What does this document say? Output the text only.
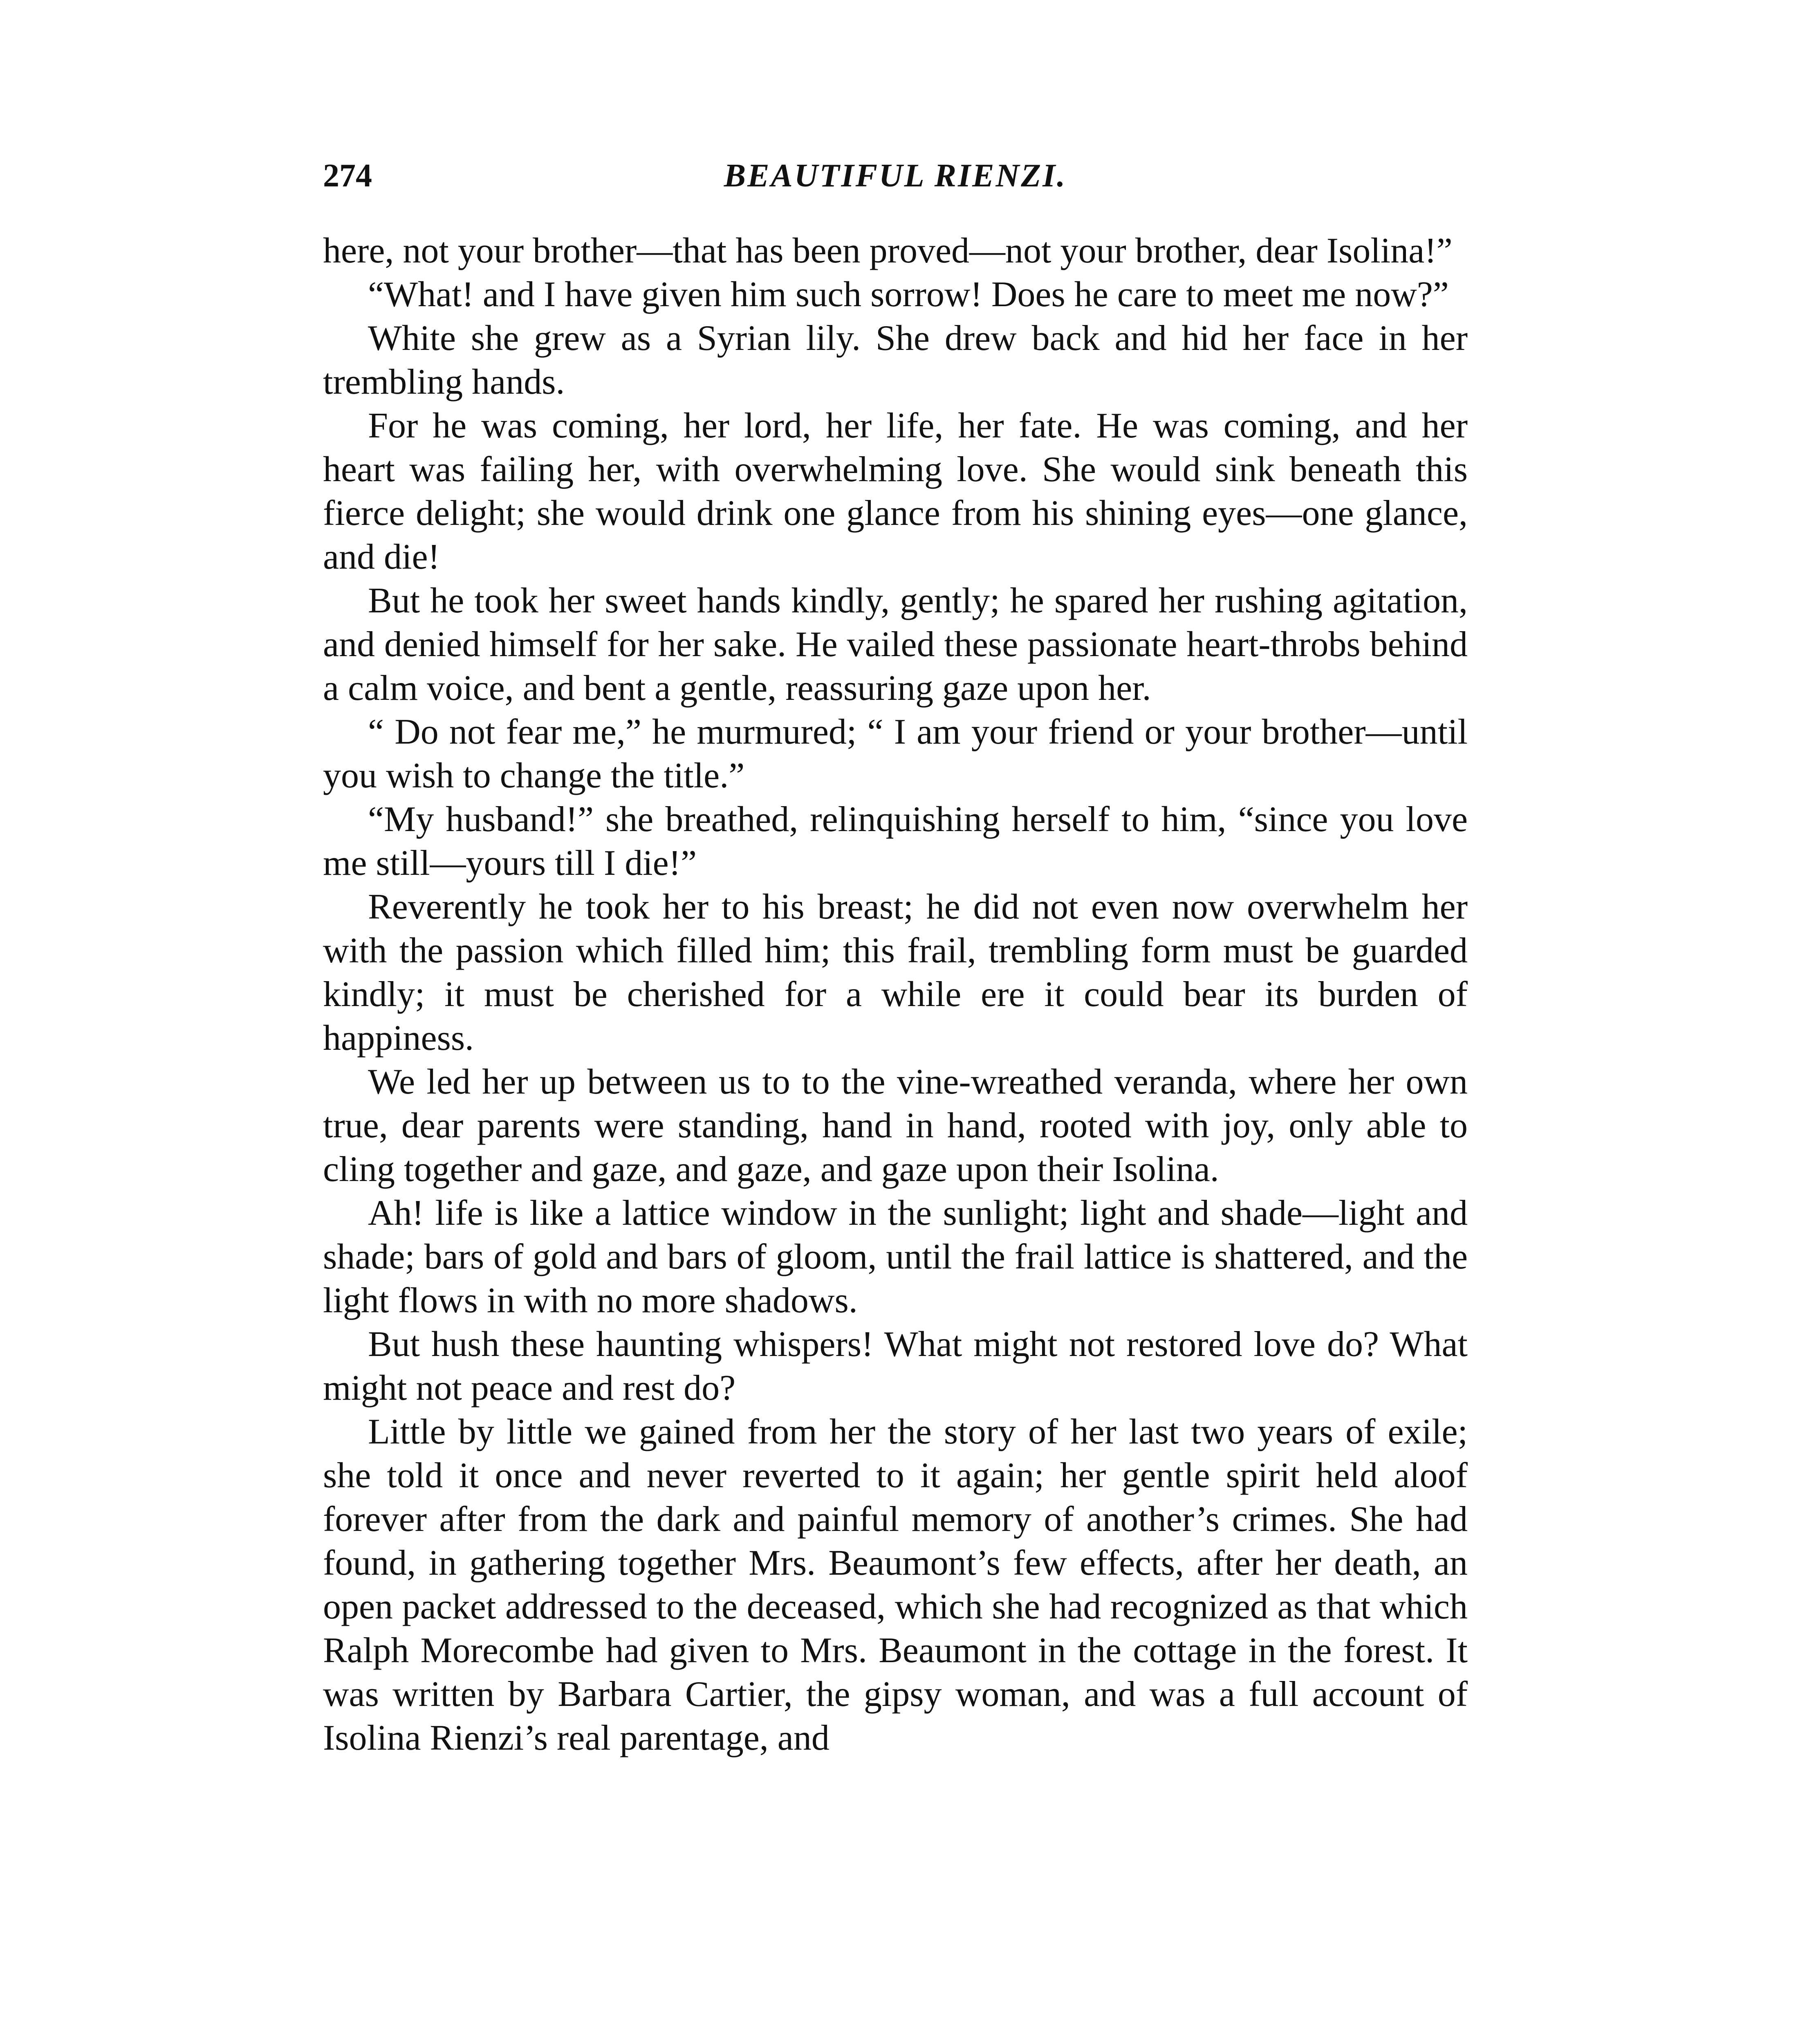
274	BEAUTIFUL RIENZI.

here, not your brother—that has been proved—not your brother, dear Isolina!”

“What! and I have given him such sorrow! Does he care to meet me now?”

White she grew as a Syrian lily. She drew back and hid her face in her trembling hands.

For he was coming, her lord, her life, her fate. He was coming, and her heart was failing her, with overwhelming love. She would sink beneath this fierce delight; she would drink one glance from his shining eyes—one glance, and die!

But he took her sweet hands kindly, gently; he spared her rushing agitation, and denied himself for her sake. He vailed these passionate heart-throbs behind a calm voice, and bent a gentle, reassuring gaze upon her.

“ Do not fear me,” he murmured; “ I am your friend or your brother—until you wish to change the title.”

“My husband!” she breathed, relinquishing herself to him, “since you love me still—yours till I die!”

Reverently he took her to his breast; he did not even now overwhelm her with the passion which filled him; this frail, trembling form must be guarded kindly; it must be cherished for a while ere it could bear its burden of happiness.

We led her up between us to to the vine-wreathed veranda, where her own true, dear parents were standing, hand in hand, rooted with joy, only able to cling together and gaze, and gaze, and gaze upon their Isolina.

Ah! life is like a lattice window in the sunlight; light and shade—light and shade; bars of gold and bars of gloom, until the frail lattice is shattered, and the light flows in with no more shadows.

But hush these haunting whispers! What might not restored love do? What might not peace and rest do?

Little by little we gained from her the story of her last two years of exile; she told it once and never reverted to it again; her gentle spirit held aloof forever after from the dark and painful memory of another’s crimes. She had found, in gathering together Mrs. Beaumont’s few effects, after her death, an open packet addressed to the deceased, which she had recognized as that which Ralph Morecombe had given to Mrs. Beaumont in the cottage in the forest. It was written by Barbara Cartier, the gipsy woman, and was a full account of Isolina Rienzi’s real parentage, and
